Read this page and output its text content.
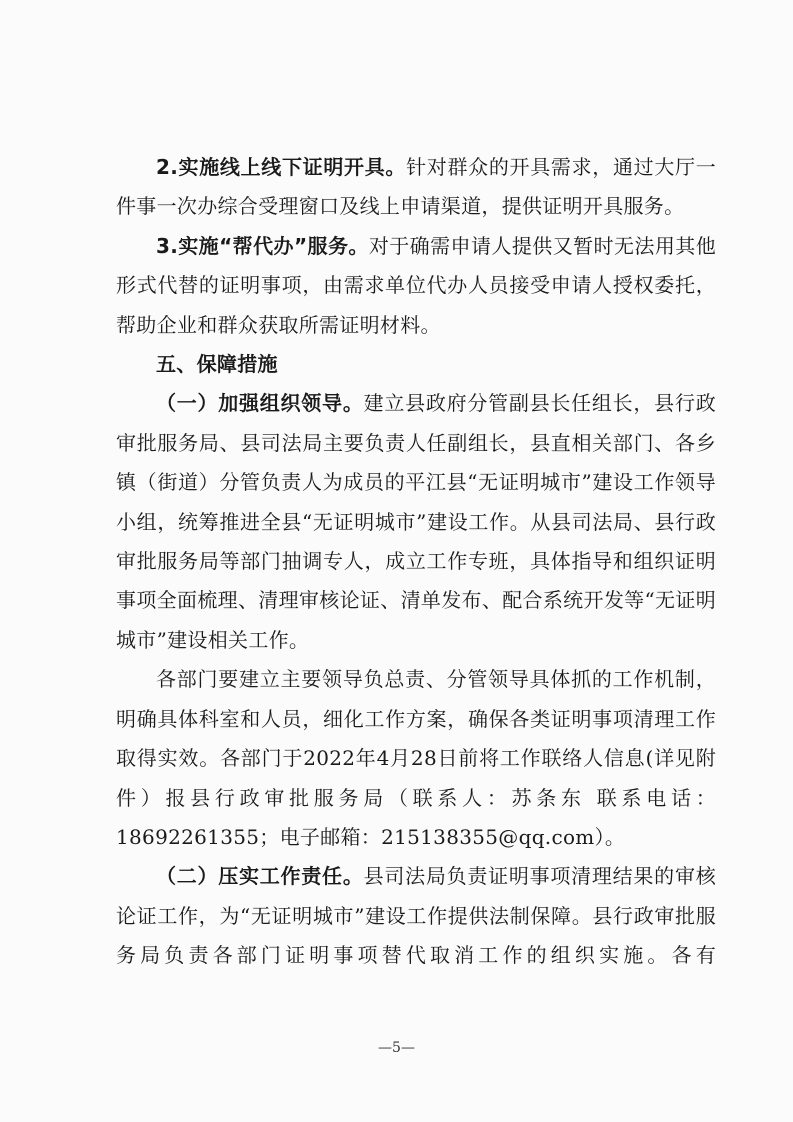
2.实施线上线下证明开具。针对群众的开具需求，通过大厅一件事一次办综合受理窗口及线上申请渠道，提供证明开具服务。

3.实施“帮代办”服务。对于确需申请人提供又暂时无法用其他形式代替的证明事项，由需求单位代办人员接受申请人授权委托，帮助企业和群众获取所需证明材料。

五、保障措施

（一）加强组织领导。建立县政府分管副县长任组长，县行政审批服务局、县司法局主要负责人任副组长，县直相关部门、各乡镇（街道）分管负责人为成员的平江县“无证明城市”建设工作领导小组，统筹推进全县“无证明城市”建设工作。从县司法局、县行政审批服务局等部门抽调专人，成立工作专班，具体指导和组织证明事项全面梳理、清理审核论证、清单发布、配合系统开发等“无证明城市”建设相关工作。

各部门要建立主要领导负总责、分管领导具体抓的工作机制，明确具体科室和人员，细化工作方案，确保各类证明事项清理工作取得实效。各部门于2022年4月28日前将工作联络人信息(详见附件）报县行政审批服务局（联系人：苏条东 联系电话：18692261355；电子邮箱：215138355@qq.com）。

（二）压实工作责任。县司法局负责证明事项清理结果的审核论证工作，为“无证明城市”建设工作提供法制保障。县行政审批服务局负责各部门证明事项替代取消工作的组织实施。各有

—5—
